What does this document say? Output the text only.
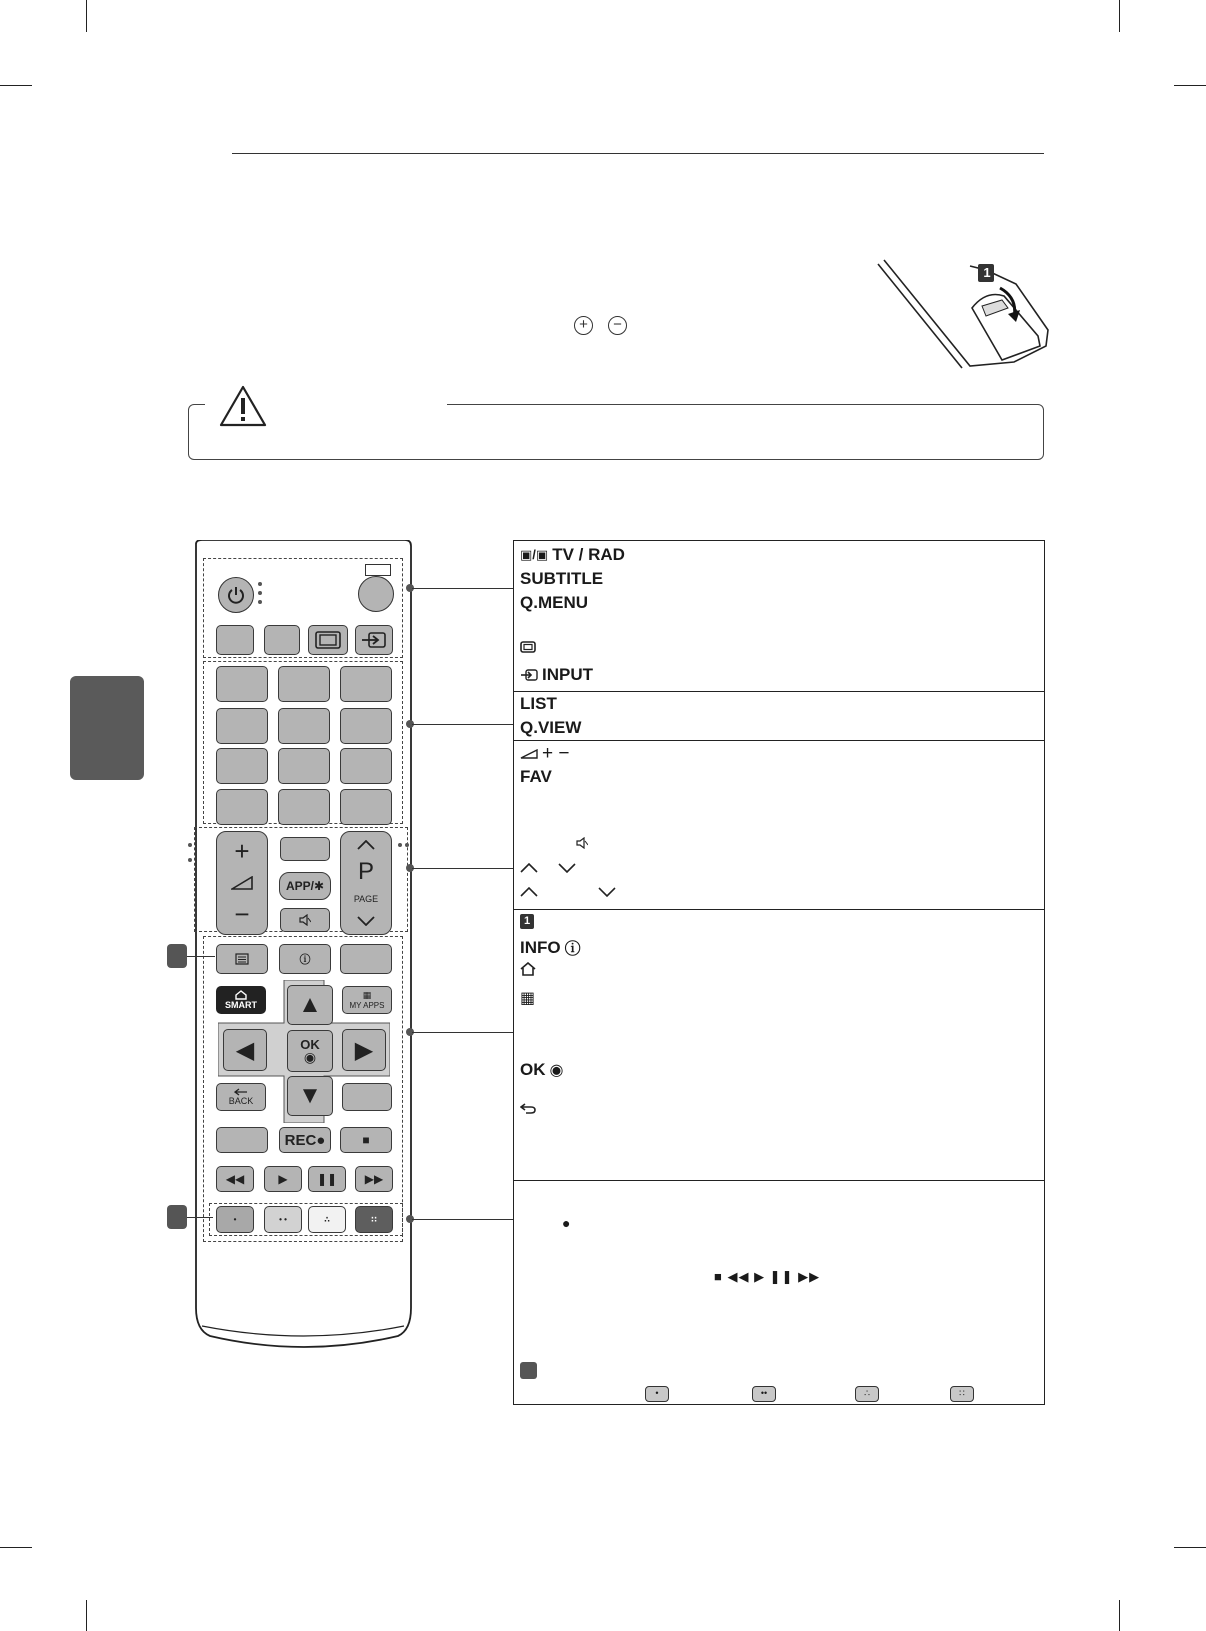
+	−
1
+
−
APP/✱
P
PAGE
ⓘ
SMART
▦
MY APPS
▲
◀	OK
◉	▶
▼
BACK
REC●	■
◀◀	▶	❚❚	▶▶
•	• •	∴	∷
▣/▣ TV / RAD
SUBTITLE
Q.MENU
INPUT
LIST
Q.VIEW
+ −
FAV
1
INFO ⓘ
▦
OK ◉
●
■ ◀◀ ▶ ❚❚ ▶▶
•	••	∴	∷
